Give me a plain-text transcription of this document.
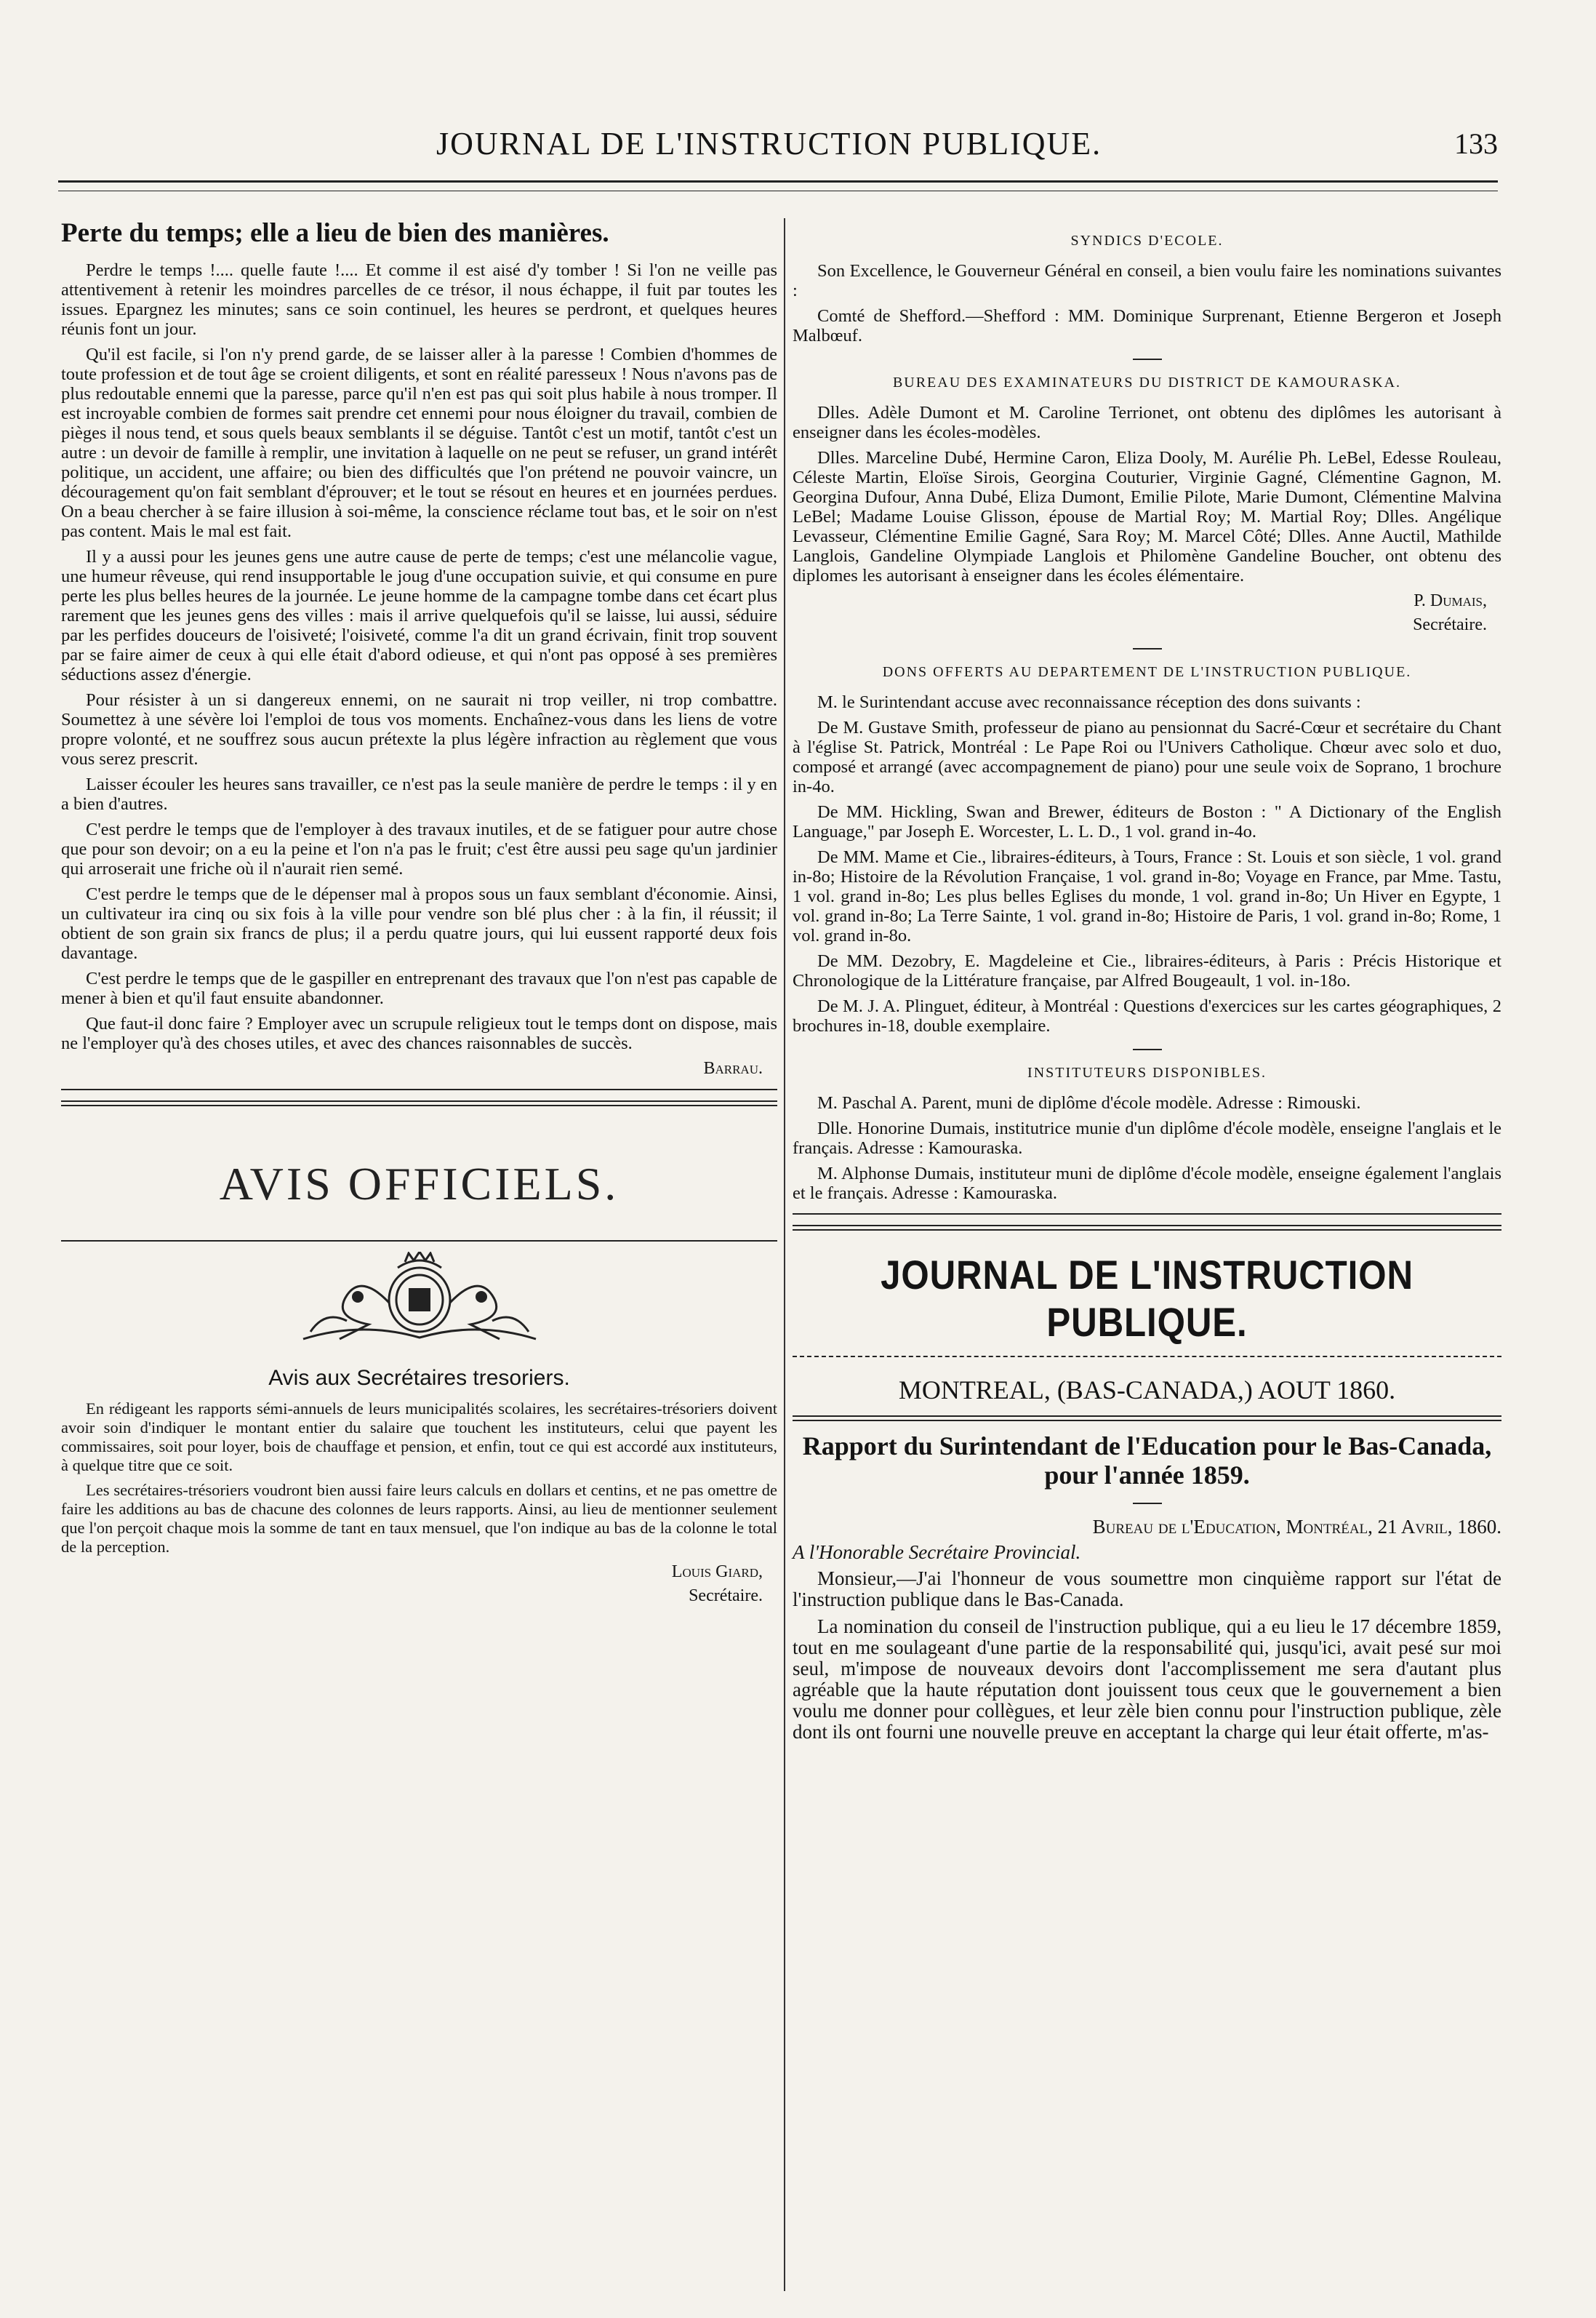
JOURNAL DE L'INSTRUCTION PUBLIQUE.	133
Perte du temps; elle a lieu de bien des manières.

Perdre le temps !.... quelle faute !.... Et comme il est aisé d'y tomber ! Si l'on ne veille pas attentivement à retenir les moindres parcelles de ce trésor, il nous échappe, il fuit par toutes les issues. Epargnez les minutes; sans ce soin continuel, les heures se perdront, et quelques heures réunis font un jour.

Qu'il est facile, si l'on n'y prend garde, de se laisser aller à la paresse ! Combien d'hommes de toute profession et de tout âge se croient diligents, et sont en réalité paresseux ! Nous n'avons pas de plus redoutable ennemi que la paresse, parce qu'il n'en est pas qui soit plus habile à nous tromper. Il est incroyable combien de formes sait prendre cet ennemi pour nous éloigner du travail, combien de pièges il nous tend, et sous quels beaux semblants il se déguise. Tantôt c'est un motif, tantôt c'est un autre : un devoir de famille à remplir, une invitation à laquelle on ne peut se refuser, un grand intérêt politique, un accident, une affaire; ou bien des difficultés que l'on prétend ne pouvoir vaincre, un découragement qu'on fait semblant d'éprouver; et le tout se résout en heures et en journées perdues. On a beau chercher à se faire illusion à soi-même, la conscience réclame tout bas, et le soir on n'est pas content. Mais le mal est fait.

Il y a aussi pour les jeunes gens une autre cause de perte de temps; c'est une mélancolie vague, une humeur rêveuse, qui rend insupportable le joug d'une occupation suivie, et qui consume en pure perte les plus belles heures de la journée. Le jeune homme de la campagne tombe dans cet écart plus rarement que les jeunes gens des villes : mais il arrive quelquefois qu'il se laisse, lui aussi, séduire par les perfides douceurs de l'oisiveté; l'oisiveté, comme l'a dit un grand écrivain, finit trop souvent par se faire aimer de ceux à qui elle était d'abord odieuse, et qui n'ont pas opposé à ses premières séductions assez d'énergie.

Pour résister à un si dangereux ennemi, on ne saurait ni trop veiller, ni trop combattre. Soumettez à une sévère loi l'emploi de tous vos moments. Enchaînez-vous dans les liens de votre propre volonté, et ne souffrez sous aucun prétexte la plus légère infraction au règlement que vous vous serez prescrit.

Laisser écouler les heures sans travailler, ce n'est pas la seule manière de perdre le temps : il y en a bien d'autres.

C'est perdre le temps que de l'employer à des travaux inutiles, et de se fatiguer pour autre chose que pour son devoir; on a eu la peine et l'on n'a pas le fruit; c'est être aussi peu sage qu'un jardinier qui arroserait une friche où il n'aurait rien semé.

C'est perdre le temps que de le dépenser mal à propos sous un faux semblant d'économie. Ainsi, un cultivateur ira cinq ou six fois à la ville pour vendre son blé plus cher : à la fin, il réussit; il obtient de son grain six francs de plus; il a perdu quatre jours, qui lui eussent rapporté deux fois davantage.

C'est perdre le temps que de le gaspiller en entreprenant des travaux que l'on n'est pas capable de mener à bien et qu'il faut ensuite abandonner.

Que faut-il donc faire ? Employer avec un scrupule religieux tout le temps dont on dispose, mais ne l'employer qu'à des choses utiles, et avec des chances raisonnables de succès.

Barrau.

AVIS OFFICIELS.

Avis aux Secrétaires tresoriers.

En rédigeant les rapports sémi-annuels de leurs municipalités scolaires, les secrétaires-trésoriers doivent avoir soin d'indiquer le montant entier du salaire que touchent les instituteurs, celui que payent les commissaires, soit pour loyer, bois de chauffage et pension, et enfin, tout ce qui est accordé aux instituteurs, à quelque titre que ce soit.

Les secrétaires-trésoriers voudront bien aussi faire leurs calculs en dollars et centins, et ne pas omettre de faire les additions au bas de chacune des colonnes de leurs rapports. Ainsi, au lieu de mentionner seulement que l'on perçoit chaque mois la somme de tant en taux mensuel, que l'on indique au bas de la colonne le total de la perception.

Louis Giard,

Secrétaire.

SYNDICS D'ECOLE.

Son Excellence, le Gouverneur Général en conseil, a bien voulu faire les nominations suivantes :

Comté de Shefford.—Shefford : MM. Dominique Surprenant, Etienne Bergeron et Joseph Malbœuf.

BUREAU DES EXAMINATEURS DU DISTRICT DE KAMOURASKA.

Dlles. Adèle Dumont et M. Caroline Terrionet, ont obtenu des diplômes les autorisant à enseigner dans les écoles-modèles.

Dlles. Marceline Dubé, Hermine Caron, Eliza Dooly, M. Aurélie Ph. LeBel, Edesse Rouleau, Céleste Martin, Eloïse Sirois, Georgina Couturier, Virginie Gagné, Clémentine Gagnon, M. Georgina Dufour, Anna Dubé, Eliza Dumont, Emilie Pilote, Marie Dumont, Clémentine Malvina LeBel; Madame Louise Glisson, épouse de Martial Roy; M. Martial Roy; Dlles. Angélique Levasseur, Clémentine Emilie Gagné, Sara Roy; M. Marcel Côté; Dlles. Anne Auctil, Mathilde Langlois, Gandeline Olympiade Langlois et Philomène Gandeline Boucher, ont obtenu des diplomes les autorisant à enseigner dans les écoles élémentaire.

P. Dumais,

Secrétaire.

DONS OFFERTS AU DEPARTEMENT DE L'INSTRUCTION PUBLIQUE.

M. le Surintendant accuse avec reconnaissance réception des dons suivants :

De M. Gustave Smith, professeur de piano au pensionnat du Sacré-Cœur et secrétaire du Chant à l'église St. Patrick, Montréal : Le Pape Roi ou l'Univers Catholique. Chœur avec solo et duo, composé et arrangé (avec accompagnement de piano) pour une seule voix de Soprano, 1 brochure in-4o.

De MM. Hickling, Swan and Brewer, éditeurs de Boston : " A Dictionary of the English Language," par Joseph E. Worcester, L. L. D., 1 vol. grand in-4o.

De MM. Mame et Cie., libraires-éditeurs, à Tours, France : St. Louis et son siècle, 1 vol. grand in-8o; Histoire de la Révolution Française, 1 vol. grand in-8o; Voyage en France, par Mme. Tastu, 1 vol. grand in-8o; Les plus belles Eglises du monde, 1 vol. grand in-8o; Un Hiver en Egypte, 1 vol. grand in-8o; La Terre Sainte, 1 vol. grand in-8o; Histoire de Paris, 1 vol. grand in-8o; Rome, 1 vol. grand in-8o.

De MM. Dezobry, E. Magdeleine et Cie., libraires-éditeurs, à Paris : Précis Historique et Chronologique de la Littérature française, par Alfred Bougeault, 1 vol. in-18o.

De M. J. A. Plinguet, éditeur, à Montréal : Questions d'exercices sur les cartes géographiques, 2 brochures in-18, double exemplaire.

INSTITUTEURS DISPONIBLES.

M. Paschal A. Parent, muni de diplôme d'école modèle. Adresse : Rimouski.

Dlle. Honorine Dumais, institutrice munie d'un diplôme d'école modèle, enseigne l'anglais et le français. Adresse : Kamouraska.

M. Alphonse Dumais, instituteur muni de diplôme d'école modèle, enseigne également l'anglais et le français. Adresse : Kamouraska.

JOURNAL DE L'INSTRUCTION PUBLIQUE.
MONTREAL, (BAS-CANADA,) AOUT 1860.
Rapport du Surintendant de l'Education pour le Bas-Canada, pour l'année 1859.

Bureau de l'Education, Montréal, 21 Avril, 1860.

A l'Honorable Secrétaire Provincial.

Monsieur,—J'ai l'honneur de vous soumettre mon cinquième rapport sur l'état de l'instruction publique dans le Bas-Canada.

La nomination du conseil de l'instruction publique, qui a eu lieu le 17 décembre 1859, tout en me soulageant d'une partie de la responsabilité qui, jusqu'ici, avait pesé sur moi seul, m'impose de nouveaux devoirs dont l'accomplissement me sera d'autant plus agréable que la haute réputation dont jouissent tous ceux que le gouvernement a bien voulu me donner pour collègues, et leur zèle bien connu pour l'instruction publique, zèle dont ils ont fourni une nouvelle preuve en acceptant la charge qui leur était offerte, m'as-
